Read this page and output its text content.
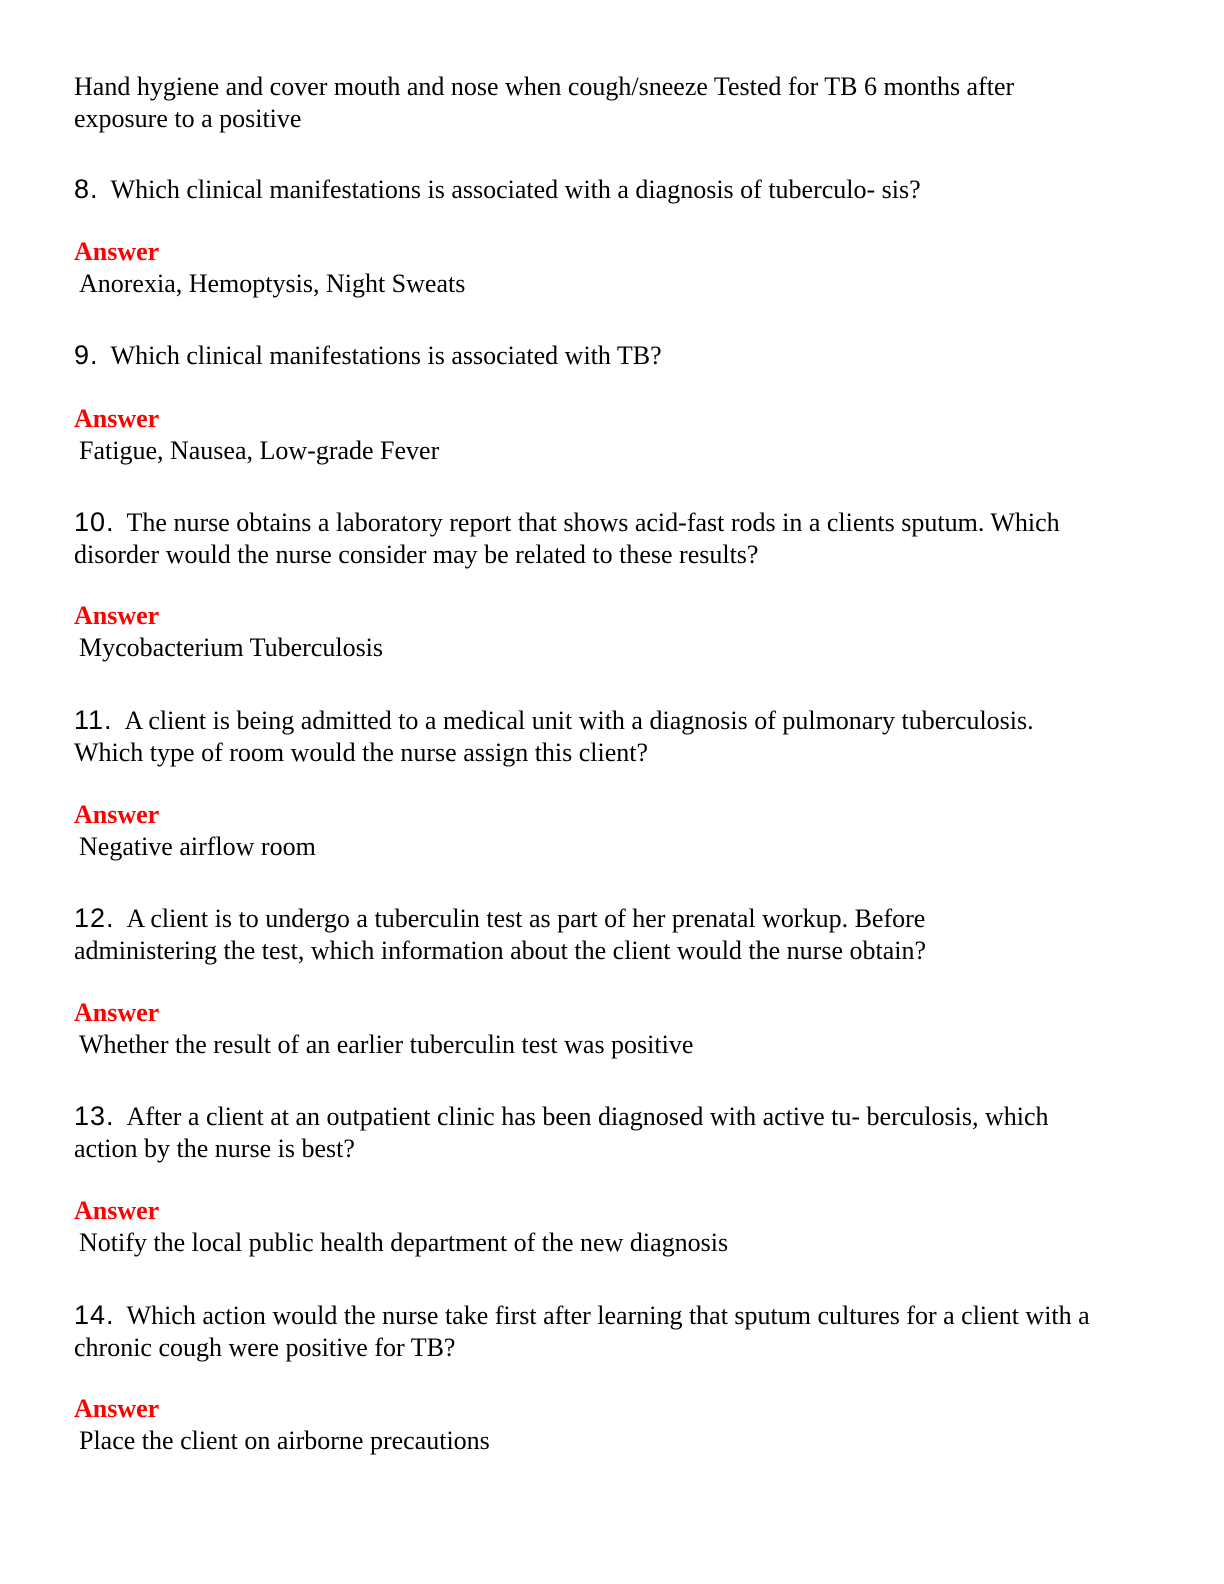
Hand hygiene and cover mouth and nose when cough/sneeze Tested for TB 6 months after
exposure to a positive
8. Which clinical manifestations is associated with a diagnosis of tuberculo- sis?
Answer
Anorexia, Hemoptysis, Night Sweats
9. Which clinical manifestations is associated with TB?
Answer
Fatigue, Nausea, Low-grade Fever
10. The nurse obtains a laboratory report that shows acid-fast rods in a clients sputum. Which
disorder would the nurse consider may be related to these results?
Answer
Mycobacterium Tuberculosis
11. A client is being admitted to a medical unit with a diagnosis of pulmonary tuberculosis.
Which type of room would the nurse assign this client?
Answer
Negative airflow room
12. A client is to undergo a tuberculin test as part of her prenatal workup. Before
administering the test, which information about the client would the nurse obtain?
Answer
Whether the result of an earlier tuberculin test was positive
13. After a client at an outpatient clinic has been diagnosed with active tu- berculosis, which
action by the nurse is best?
Answer
Notify the local public health department of the new diagnosis
14. Which action would the nurse take first after learning that sputum cultures for a client with a
chronic cough were positive for TB?
Answer
Place the client on airborne precautions
